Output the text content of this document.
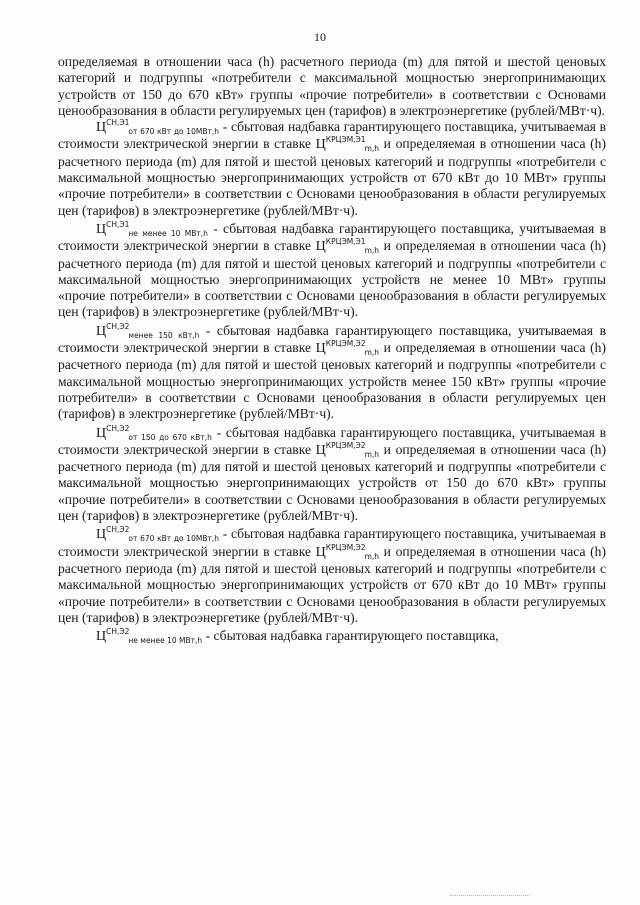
10

определяемая в отношении часа (h) расчетного периода (m) для пятой и шестой ценовых категорий и подгруппы «потребители с максимальной мощностью энергопринимающих устройств от 150 до 670 кВт» группы «прочие потребители» в соответствии с Основами ценообразования в области регулируемых цен (тарифов) в электроэнергетике (рублей/МВт·ч).

$Ц^{СН,Э1}_{от 670 кВт до 10МВт,h}$ - сбытовая надбавка гарантирующего поставщика, учитываемая в стоимости электрической энергии в ставке $Ц^{КРЦЭМ,Э1}_{m,h}$ и определяемая в отношении часа (h) расчетного периода (m) для пятой и шестой ценовых категорий и подгруппы «потребители с максимальной мощностью энергопринимающих устройств от 670 кВт до 10 МВт» группы «прочие потребители» в соответствии с Основами ценообразования в области регулируемых цен (тарифов) в электроэнергетике (рублей/МВт·ч).

$Ц^{СН,Э1}_{не менее 10 МВт,h}$ - сбытовая надбавка гарантирующего поставщика, учитываемая в стоимости электрической энергии в ставке $Ц^{КРЦЭМ,Э1}_{m,h}$ и определяемая в отношении часа (h) расчетного периода (m) для пятой и шестой ценовых категорий и подгруппы «потребители с максимальной мощностью энергопринимающих устройств не менее 10 МВт» группы «прочие потребители» в соответствии с Основами ценообразования в области регулируемых цен (тарифов) в электроэнергетике (рублей/МВт·ч).

$Ц^{СН,Э2}_{менее 150 кВт,h}$ - сбытовая надбавка гарантирующего поставщика, учитываемая в стоимости электрической энергии в ставке $Ц^{КРЦЭМ,Э2}_{m,h}$ и определяемая в отношении часа (h) расчетного периода (m) для пятой и шестой ценовых категорий и подгруппы «потребители с максимальной мощностью энергопринимающих устройств менее 150 кВт» группы «прочие потребители» в соответствии с Основами ценообразования в области регулируемых цен (тарифов) в электроэнергетике (рублей/МВт·ч).

$Ц^{СН,Э2}_{от 150 до 670 кВт,h}$ - сбытовая надбавка гарантирующего поставщика, учитываемая в стоимости электрической энергии в ставке $Ц^{КРЦЭМ,Э2}_{m,h}$ и определяемая в отношении часа (h) расчетного периода (m) для пятой и шестой ценовых категорий и подгруппы «потребители с максимальной мощностью энергопринимающих устройств от 150 до 670 кВт» группы «прочие потребители» в соответствии с Основами ценообразования в области регулируемых цен (тарифов) в электроэнергетике (рублей/МВт·ч).

$Ц^{СН,Э2}_{от 670 кВт до 10МВт,h}$ - сбытовая надбавка гарантирующего поставщика, учитываемая в стоимости электрической энергии в ставке $Ц^{КРЦЭМ,Э2}_{m,h}$ и определяемая в отношении часа (h) расчетного периода (m) для пятой и шестой ценовых категорий и подгруппы «потребители с максимальной мощностью энергопринимающих устройств от 670 кВт до 10 МВт» группы «прочие потребители» в соответствии с Основами ценообразования в области регулируемых цен (тарифов) в электроэнергетике (рублей/МВт·ч).

$Ц^{СН,Э2}_{не менее 10 МВт,h}$ - сбытовая надбавка гарантирующего поставщика,
